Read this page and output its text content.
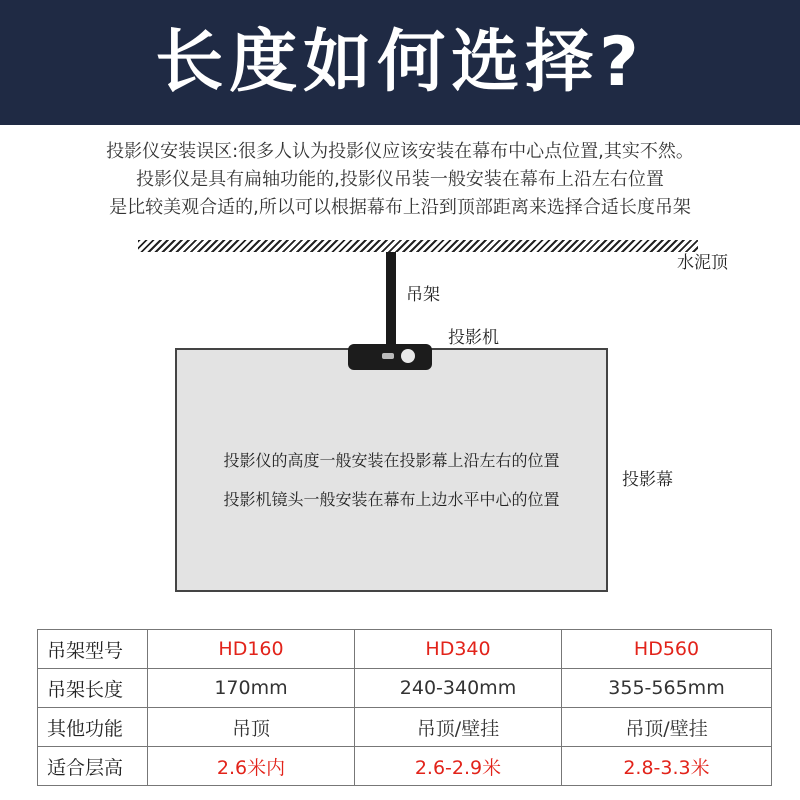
长度如何选择?
投影仪安装误区:很多人认为投影仪应该安装在幕布中心点位置,其实不然。
投影仪是具有扁轴功能的,投影仪吊装一般安装在幕布上沿左右位置
是比较美观合适的,所以可以根据幕布上沿到顶部距离来选择合适长度吊架
水泥顶
吊架
投影机
投影仪的高度一般安装在投影幕上沿左右的位置
投影机镜头一般安装在幕布上边水平中心的位置
投影幕
吊架型号	HD160	HD340	HD560
吊架长度	170mm	240-340mm	355-565mm
其他功能	吊顶	吊顶/壁挂	吊顶/壁挂
适合层高	2.6米内	2.6-2.9米	2.8-3.3米
